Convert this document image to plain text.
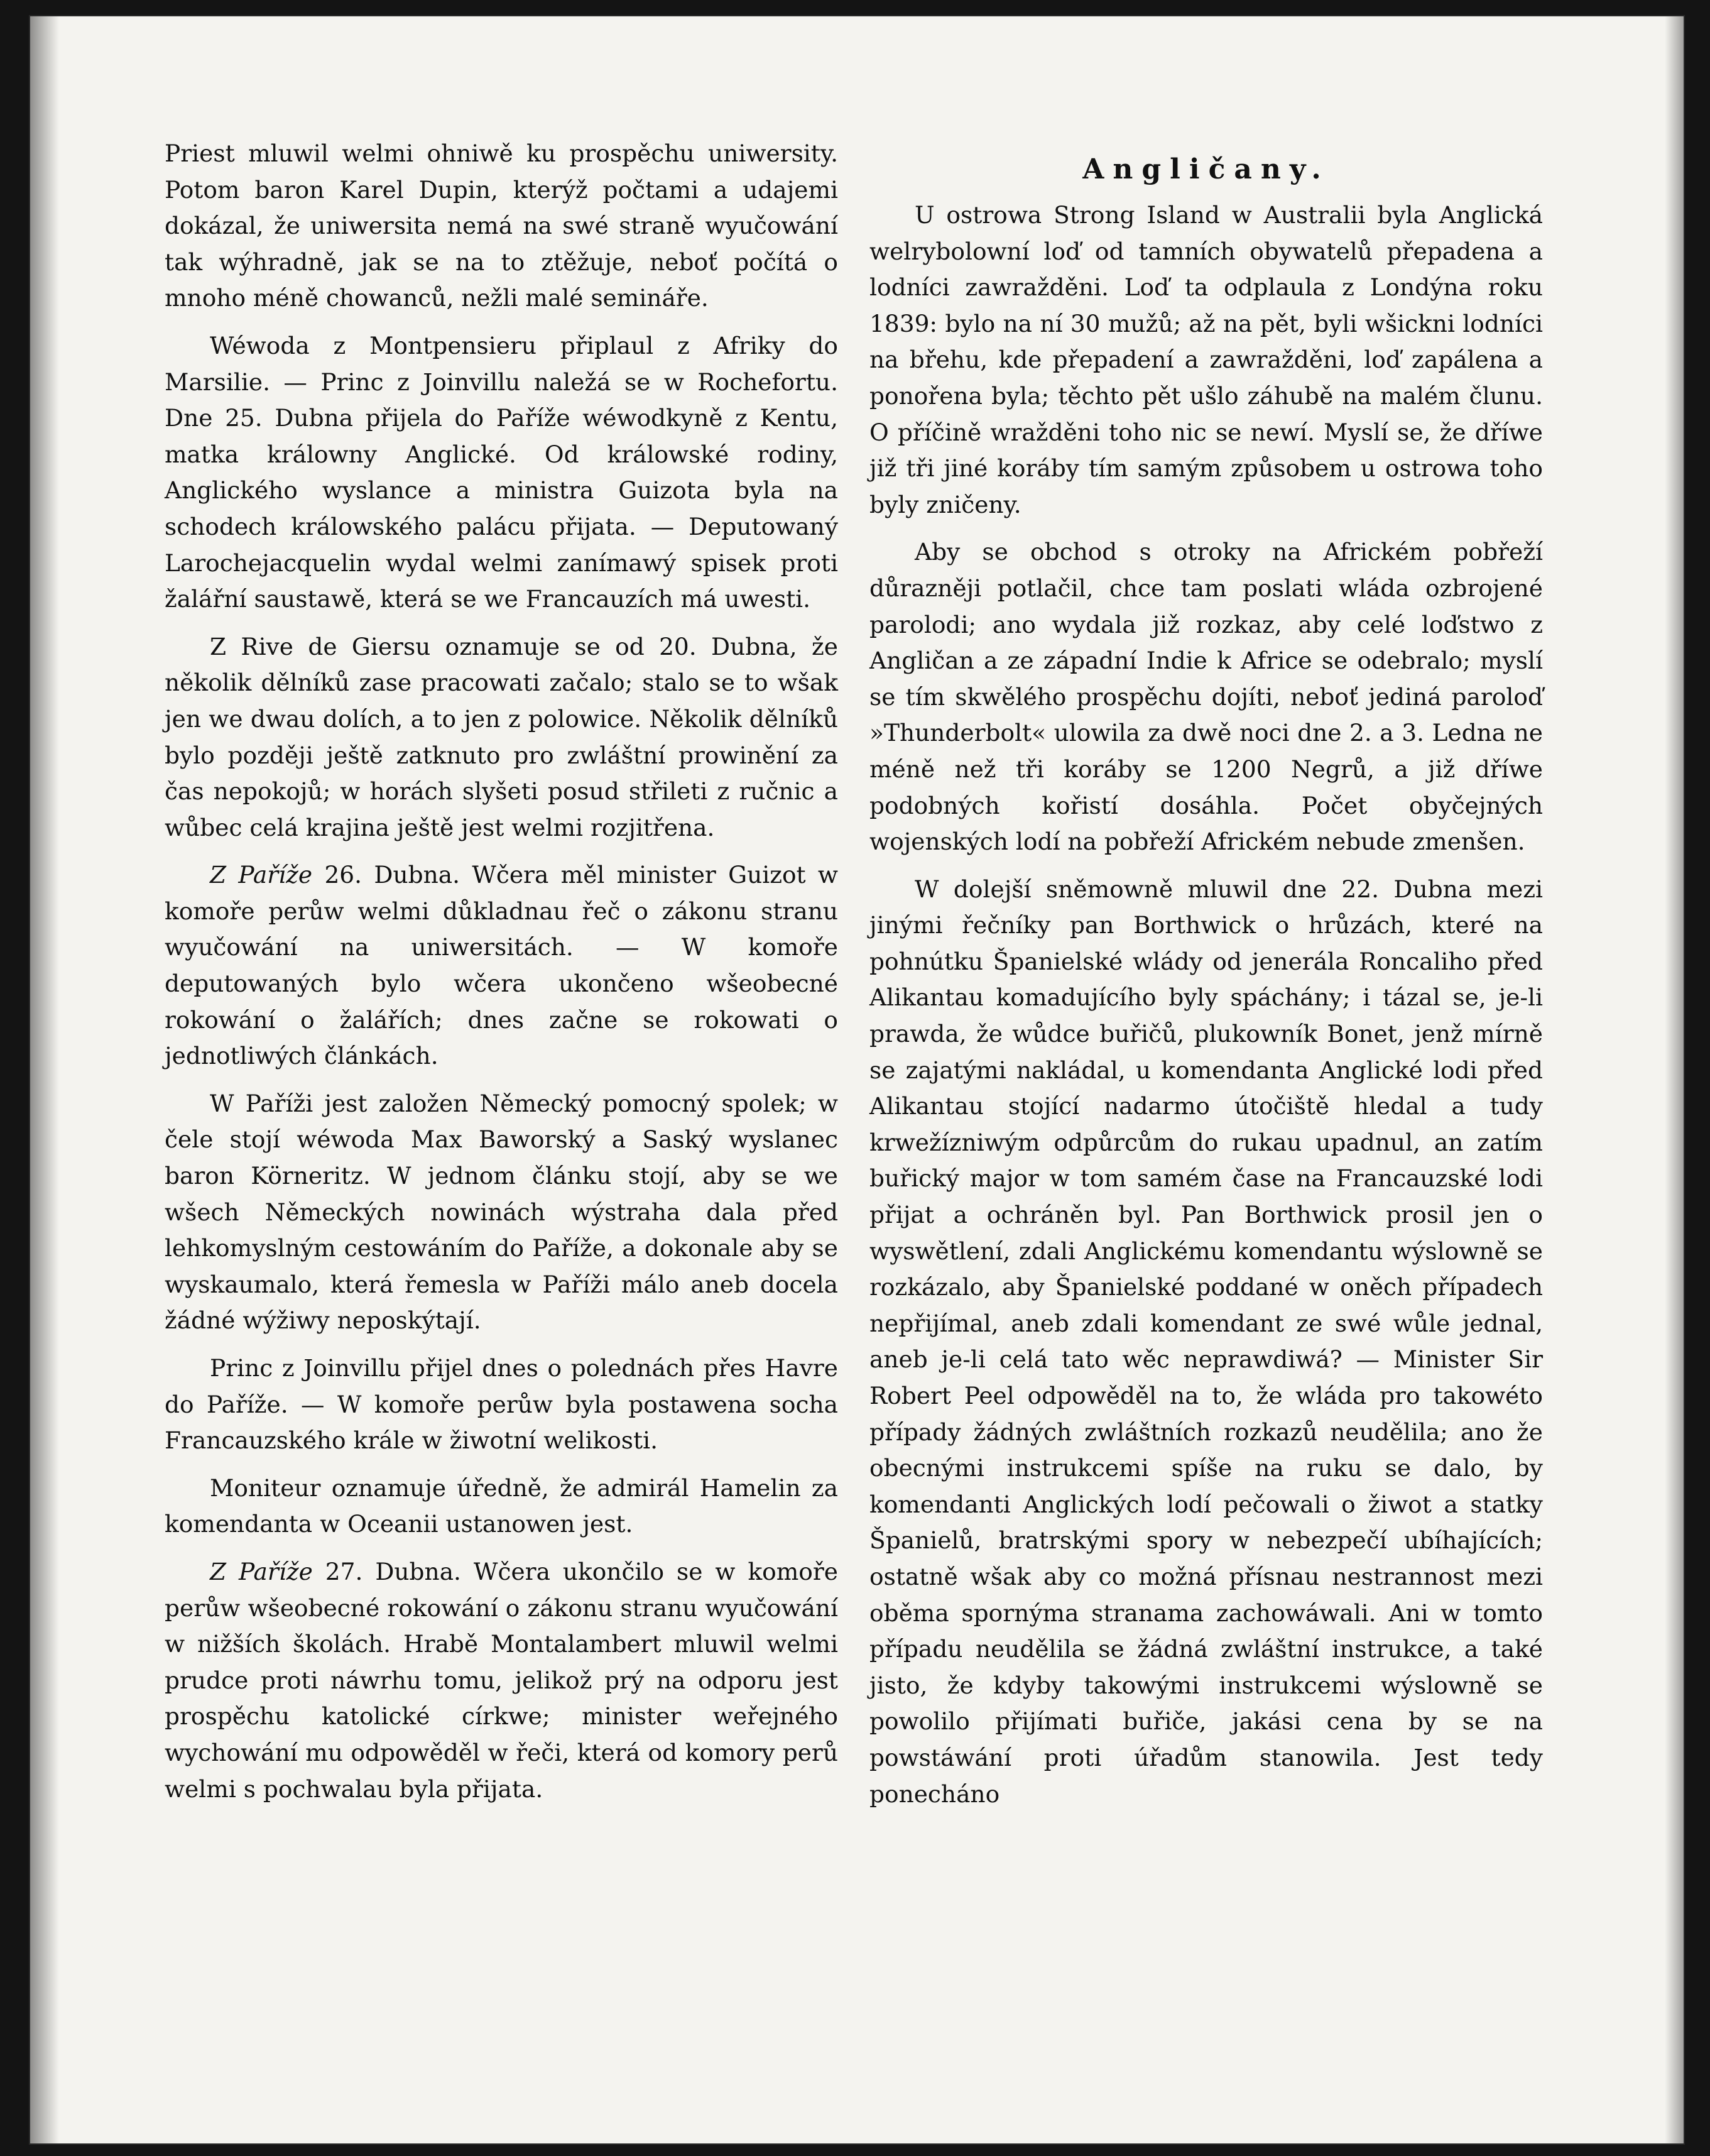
Priest mluwil welmi ohniwě ku prospěchu uniwersity. Potom baron Karel Dupin, kterýž počtami a udajemi dokázal, že uniwersita nemá na swé straně wyučowání tak wýhradně, jak se na to ztěžuje, neboť počítá o mnoho méně chowanců, nežli malé semináře.

Wéwoda z Montpensieru připlaul z Afriky do Marsilie. — Princ z Joinvillu naležá se w Rochefortu. Dne 25. Dubna přijela do Paříže wéwodkyně z Kentu, matka králowny Anglické. Od králowské rodiny, Anglického wyslance a ministra Guizota byla na schodech králowského palácu přijata. — Deputowaný Larochejacquelin wydal welmi zanímawý spisek proti žalářní saustawě, která se we Francauzích má uwesti.

Z Rive de Giersu oznamuje se od 20. Dubna, že několik dělníků zase pracowati začalo; stalo se to wšak jen we dwau dolích, a to jen z polowice. Několik dělníků bylo později ještě zatknuto pro zwláštní prowinění za čas nepokojů; w horách slyšeti posud střileti z ručnic a wůbec celá krajina ještě jest welmi rozjitřena.

Z Paříže 26. Dubna. Wčera měl minister Guizot w komoře perůw welmi důkladnau řeč o zákonu stranu wyučowání na uniwersitách. — W komoře deputowaných bylo wčera ukončeno wšeobecné rokowání o žalářích; dnes začne se rokowati o jednotliwých článkách.

W Paříži jest založen Německý pomocný spolek; w čele stojí wéwoda Max Baworský a Saský wyslanec baron Körneritz. W jednom článku stojí, aby se we wšech Německých nowinách wýstraha dala před lehkomyslným cestowáním do Paříže, a dokonale aby se wyskaumalo, která řemesla w Paříži málo aneb docela žádné wýžiwy neposkýtají.

Princ z Joinvillu přijel dnes o polednách přes Havre do Paříže. — W komoře perůw byla postawena socha Francauzského krále w žiwotní welikosti.

Moniteur oznamuje úředně, že admirál Hamelin za komendanta w Oceanii ustanowen jest.

Z Paříže 27. Dubna. Wčera ukončilo se w komoře perůw wšeobecné rokowání o zákonu stranu wyučowání w nižších školách. Hrabě Montalambert mluwil welmi prudce proti náwrhu tomu, jelikož prý na odporu jest prospěchu katolické církwe; minister weřejného wychowání mu odpowěděl w řeči, která od komory perů welmi s pochwalau byla přijata.

Angličany.

U ostrowa Strong Island w Australii byla Anglická welrybolowní loď od tamních obywatelů přepadena a lodníci zawražděni. Loď ta odplaula z Londýna roku 1839: bylo na ní 30 mužů; až na pět, byli wšickni lodníci na břehu, kde přepadení a zawražděni, loď zapálena a ponořena byla; těchto pět ušlo záhubě na malém člunu. O příčině wražděni toho nic se newí. Myslí se, že dříwe již tři jiné koráby tím samým způsobem u ostrowa toho byly zničeny.

Aby se obchod s otroky na Africkém pobřeží důrazněji potlačil, chce tam poslati wláda ozbrojené parolodi; ano wydala již rozkaz, aby celé loďstwo z Angličan a ze západní Indie k Africe se odebralo; myslí se tím skwělého prospěchu dojíti, neboť jediná paroloď »Thunderbolt« ulowila za dwě noci dne 2. a 3. Ledna ne méně než tři koráby se 1200 Negrů, a již dříwe podobných kořistí dosáhla. Počet obyčejných wojenských lodí na pobřeží Africkém nebude zmenšen.

W dolejší sněmowně mluwil dne 22. Dubna mezi jinými řečníky pan Borthwick o hrůzách, které na pohnútku Španielské wlády od jenerála Roncaliho před Alikantau komadujícího byly spáchány; i tázal se, je-li prawda, že wůdce buřičů, plukowník Bonet, jenž mírně se zajatými nakládal, u komendanta Anglické lodi před Alikantau stojící nadarmo útočiště hledal a tudy krwežízniwým odpůrcům do rukau upadnul, an zatím buřický major w tom samém čase na Francauzské lodi přijat a ochráněn byl. Pan Borthwick prosil jen o wyswětlení, zdali Anglickému komendantu wýslowně se rozkázalo, aby Španielské poddané w oněch případech nepřijímal, aneb zdali komendant ze swé wůle jednal, aneb je-li celá tato wěc neprawdiwá? — Minister Sir Robert Peel odpowěděl na to, že wláda pro takowéto případy žádných zwláštních rozkazů neudělila; ano že obecnými instrukcemi spíše na ruku se dalo, by komendanti Anglických lodí pečowali o žiwot a statky Španielů, bratrskými spory w nebezpečí ubíhajících; ostatně wšak aby co možná přísnau nestrannost mezi oběma spornýma stranama zachowáwali. Ani w tomto případu neudělila se žádná zwláštní instrukce, a také jisto, že kdyby takowými instrukcemi wýslowně se powolilo přijímati buřiče, jakási cena by se na powstáwání proti úřadům stanowila. Jest tedy ponecháno
